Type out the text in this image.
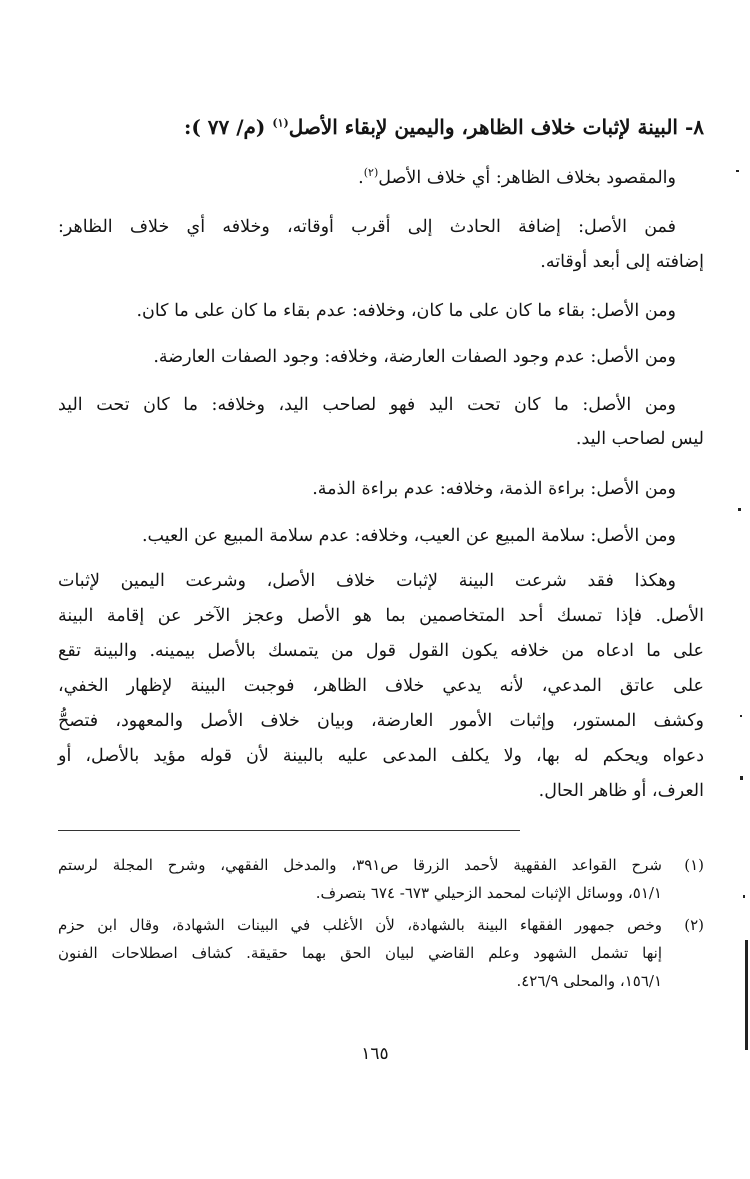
٨- البينة لإثبات خلاف الظاهر، واليمين لإبقاء الأصل$^{(١)}$ (م/ ٧٧ ):
والمقصود بخلاف الظاهر: أي خلاف الأصل$^{(٢)}$.
فمن الأصل: إضافة الحادث إلى أقرب أوقاته، وخلافه أي خلاف الظاهر:
إضافته إلى أبعد أوقاته.
ومن الأصل: بقاء ما كان على ما كان، وخلافه: عدم بقاء ما كان على ما كان.
ومن الأصل: عدم وجود الصفات العارضة، وخلافه: وجود الصفات العارضة.
ومن الأصل: ما كان تحت اليد فهو لصاحب اليد، وخلافه: ما كان تحت اليد
ليس لصاحب اليد.
ومن الأصل: براءة الذمة، وخلافه: عدم براءة الذمة.
ومن الأصل: سلامة المبيع عن العيب، وخلافه: عدم سلامة المبيع عن العيب.
وهكذا فقد شرعت البينة لإثبات خلاف الأصل، وشرعت اليمين لإثبات
الأصل. فإذا تمسك أحد المتخاصمين بما هو الأصل وعجز الآخر عن إقامة البينة
على ما ادعاه من خلافه يكون القول قول من يتمسك بالأصل بيمينه. والبينة تقع
على عاتق المدعي، لأنه يدعي خلاف الظاهر، فوجبت البينة لإظهار الخفي،
وكشف المستور، وإثبات الأمور العارضة، وبيان خلاف الأصل والمعهود، فتصحُّ
دعواه ويحكم له بها، ولا يكلف المدعى عليه بالبينة لأن قوله مؤيد بالأصل، أو
العرف، أو ظاهر الحال.
(١)
شرح القواعد الفقهية لأحمد الزرقا ص٣٩١، والمدخل الفقهي، وشرح المجلة لرستم
٥١/١، ووسائل الإثبات لمحمد الزحيلي ٦٧٣- ٦٧٤ بتصرف.
(٢)
وخص جمهور الفقهاء البينة بالشهادة، لأن الأغلب في البينات الشهادة، وقال ابن حزم
إنها تشمل الشهود وعلم القاضي لبيان الحق بهما حقيقة. كشاف اصطلاحات الفنون
١٥٦/١، والمحلى ٤٢٦/٩.
١٦٥
